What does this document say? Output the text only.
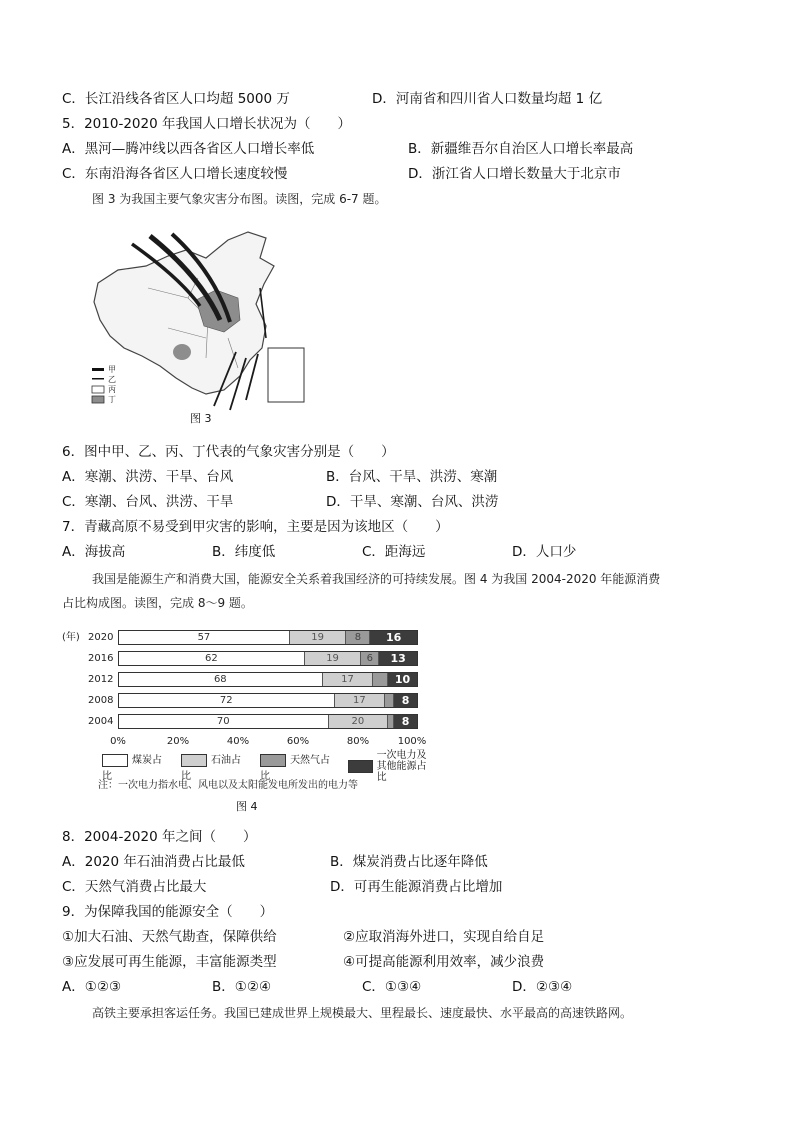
C．长江沿线各省区人口均超 5000 万	D．河南省和四川省人口数量均超 1 亿
5．2010-2020 年我国人口增长状况为（　　）
A．黑河—腾冲线以西各省区人口增长率低	B．新疆维吾尔自治区人口增长率最高
C．东南沿海各省区人口增长速度较慢	D．浙江省人口增长数量大于北京市
图 3 为我国主要气象灾害分布图。读图，完成 6-7 题。
甲
乙
丙
丁
图 3
6．图中甲、乙、丙、丁代表的气象灾害分别是（　　）
A．寒潮、洪涝、干旱、台风	B．台风、干旱、洪涝、寒潮
C．寒潮、台风、洪涝、干旱	D．干旱、寒潮、台风、洪涝
7．青藏高原不易受到甲灾害的影响，主要是因为该地区（　　）
A．海拔高	B．纬度低	C．距海远	D．人口少
我国是能源生产和消费大国，能源安全关系着我国经济的可持续发展。图 4 为我国 2004-2020 年能源消费
占比构成图。读图，完成 8～9 题。
(年) 2020	57	19	8	16
2016	62	19	6	13
2012	68	17	10
2008	72	17	8
2004	70	20	8
0%	20%	40%	60%	80%	100%
煤炭占比
石油占比
天然气占比
一次电力及
其他能源占比
注：一次电力指水电、风电以及太阳能发电所发出的电力等
图 4
8．2004-2020 年之间（　　）
A．2020 年石油消费占比最低	B．煤炭消费占比逐年降低
C．天然气消费占比最大	D．可再生能源消费占比增加
9．为保障我国的能源安全（　　）
①加大石油、天然气勘查，保障供给	②应取消海外进口，实现自给自足
③应发展可再生能源，丰富能源类型	④可提高能源利用效率，减少浪费
A．①②③	B．①②④	C．①③④	D．②③④
高铁主要承担客运任务。我国已建成世界上规模最大、里程最长、速度最快、水平最高的高速铁路网。
